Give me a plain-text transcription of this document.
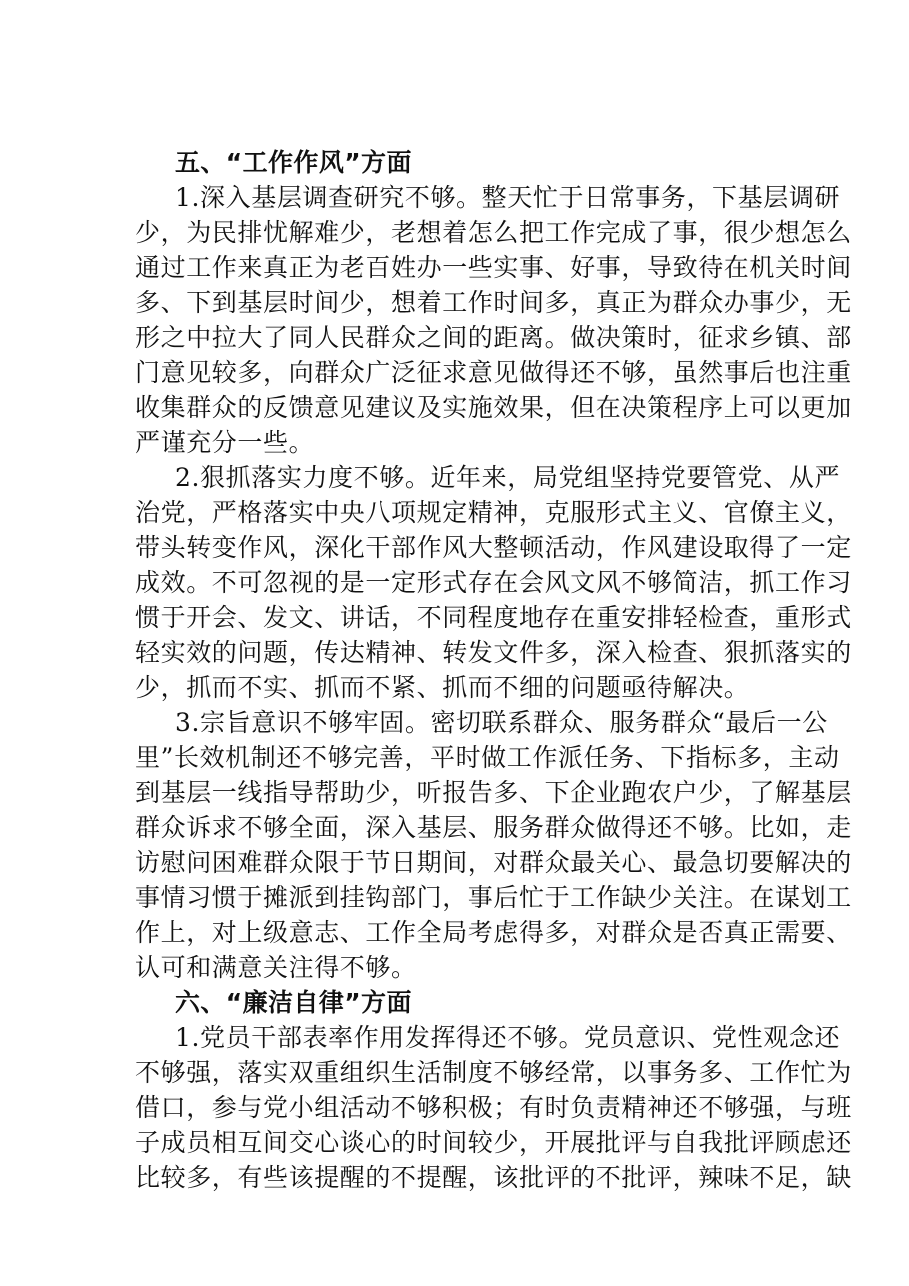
五、“工作作风”方面
1.深入基层调查研究不够。整天忙于日常事务，下基层调研
少，为民排忧解难少，老想着怎么把工作完成了事，很少想怎么
通过工作来真正为老百姓办一些实事、好事，导致待在机关时间
多、下到基层时间少，想着工作时间多，真正为群众办事少，无
形之中拉大了同人民群众之间的距离。做决策时，征求乡镇、部
门意见较多，向群众广泛征求意见做得还不够，虽然事后也注重
收集群众的反馈意见建议及实施效果，但在决策程序上可以更加
严谨充分一些。
2.狠抓落实力度不够。近年来，局党组坚持党要管党、从严
治党，严格落实中央八项规定精神，克服形式主义、官僚主义，
带头转变作风，深化干部作风大整顿活动，作风建设取得了一定
成效。不可忽视的是一定形式存在会风文风不够简洁，抓工作习
惯于开会、发文、讲话，不同程度地存在重安排轻检查，重形式
轻实效的问题，传达精神、转发文件多，深入检查、狠抓落实的
少，抓而不实、抓而不紧、抓而不细的问题亟待解决。
3.宗旨意识不够牢固。密切联系群众、服务群众“最后一公
里”长效机制还不够完善，平时做工作派任务、下指标多，主动
到基层一线指导帮助少，听报告多、下企业跑农户少，了解基层
群众诉求不够全面，深入基层、服务群众做得还不够。比如，走
访慰问困难群众限于节日期间，对群众最关心、最急切要解决的
事情习惯于摊派到挂钩部门，事后忙于工作缺少关注。在谋划工
作上，对上级意志、工作全局考虑得多，对群众是否真正需要、
认可和满意关注得不够。
六、“廉洁自律”方面
1.党员干部表率作用发挥得还不够。党员意识、党性观念还
不够强，落实双重组织生活制度不够经常，以事务多、工作忙为
借口，参与党小组活动不够积极；有时负责精神还不够强，与班
子成员相互间交心谈心的时间较少，开展批评与自我批评顾虑还
比较多，有些该提醒的不提醒，该批评的不批评，辣味不足，缺
